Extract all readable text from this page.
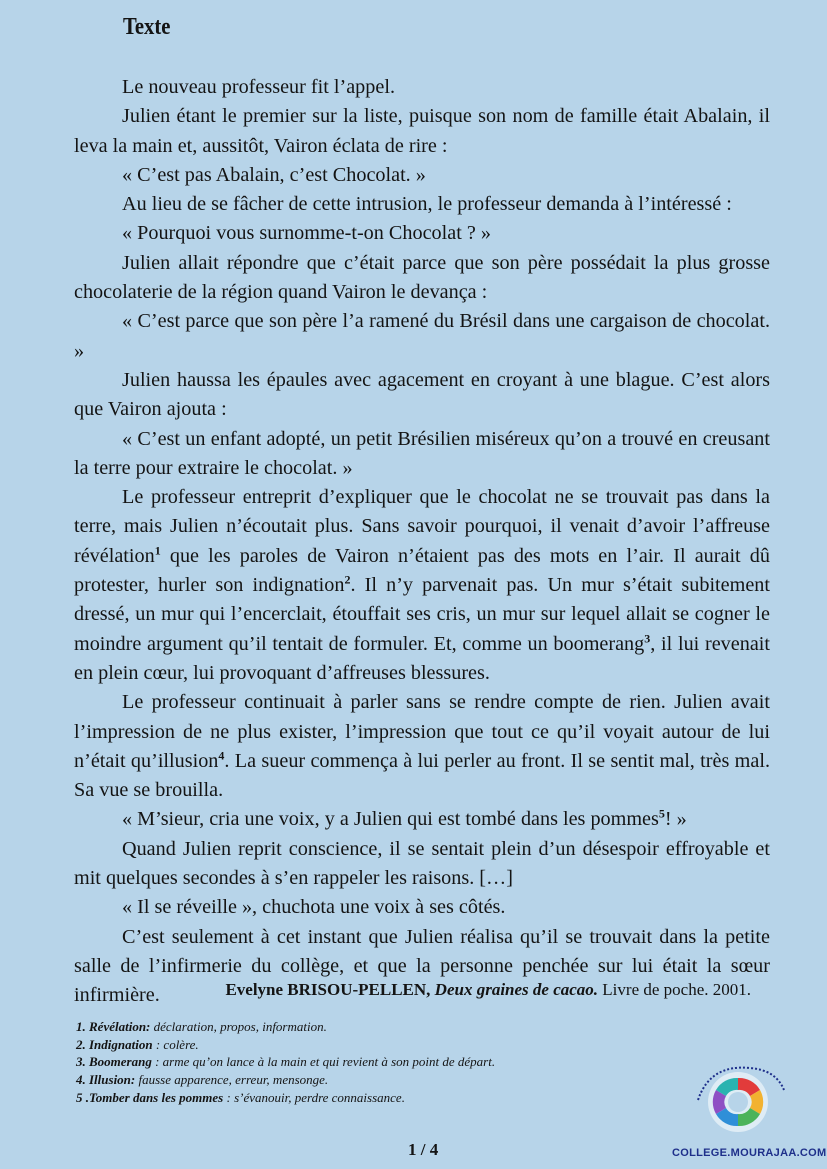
Texte

Le nouveau professeur fit l’appel.

Julien étant le premier sur la liste, puisque son nom de famille était Abalain, il leva la main et, aussitôt, Vairon éclata de rire :

« C’est pas Abalain, c’est Chocolat. »

Au lieu de se fâcher de cette intrusion, le professeur demanda à l’intéressé :

« Pourquoi vous surnomme-t-on Chocolat ? »

Julien allait répondre que c’était parce que son père possédait la plus grosse chocolaterie de la région quand Vairon le devança :

« C’est parce que son père l’a ramené du Brésil dans une cargaison de chocolat. »

Julien haussa les épaules avec agacement en croyant à une blague. C’est alors que Vairon ajouta :

« C’est un enfant adopté, un petit Brésilien miséreux qu’on a trouvé en creusant la terre pour extraire le chocolat. »

Le professeur entreprit d’expliquer que le chocolat ne se trouvait pas dans la terre, mais Julien n’écoutait plus. Sans savoir pourquoi, il venait d’avoir l’affreuse révélation$^1$ que les paroles de Vairon n’étaient pas des mots en l’air. Il aurait dû protester, hurler son indignation$^2$. Il n’y parvenait pas. Un mur s’était subitement dressé, un mur qui l’encerclait, étouffait ses cris, un mur sur lequel allait se cogner le moindre argument qu’il tentait de formuler. Et, comme un boomerang$^3$, il lui revenait en plein cœur, lui provoquant d’affreuses blessures.

Le professeur continuait à parler sans se rendre compte de rien. Julien avait l’impression de ne plus exister, l’impression que tout ce qu’il voyait autour de lui n’était qu’illusion$^4$. La sueur commença à lui perler au front. Il se sentit mal, très mal. Sa vue se brouilla.

« M’sieur, cria une voix, y a Julien qui est tombé dans les pommes$^5$! »

Quand Julien reprit conscience, il se sentait plein d’un désespoir effroyable et mit quelques secondes à s’en rappeler les raisons. […]

« Il se réveille », chuchota une voix à ses côtés.

C’est seulement à cet instant que Julien réalisa qu’il se trouvait dans la petite salle de l’infirmerie du collège, et que la personne penchée sur lui était la sœur infirmière.	Evelyne BRISOU-PELLEN, Deux graines de cacao. Livre de poche. 2001.
1. Révélation: déclaration, propos, information.
2. Indignation : colère.
3. Boomerang : arme qu’on lance à la main et qui revient à son point de départ.
4. Illusion: fausse apparence, erreur, mensonge.
5 .Tomber dans les pommes : s’évanouir, perdre connaissance.
1 / 4	COLLEGE.MOURAJAA.COM
